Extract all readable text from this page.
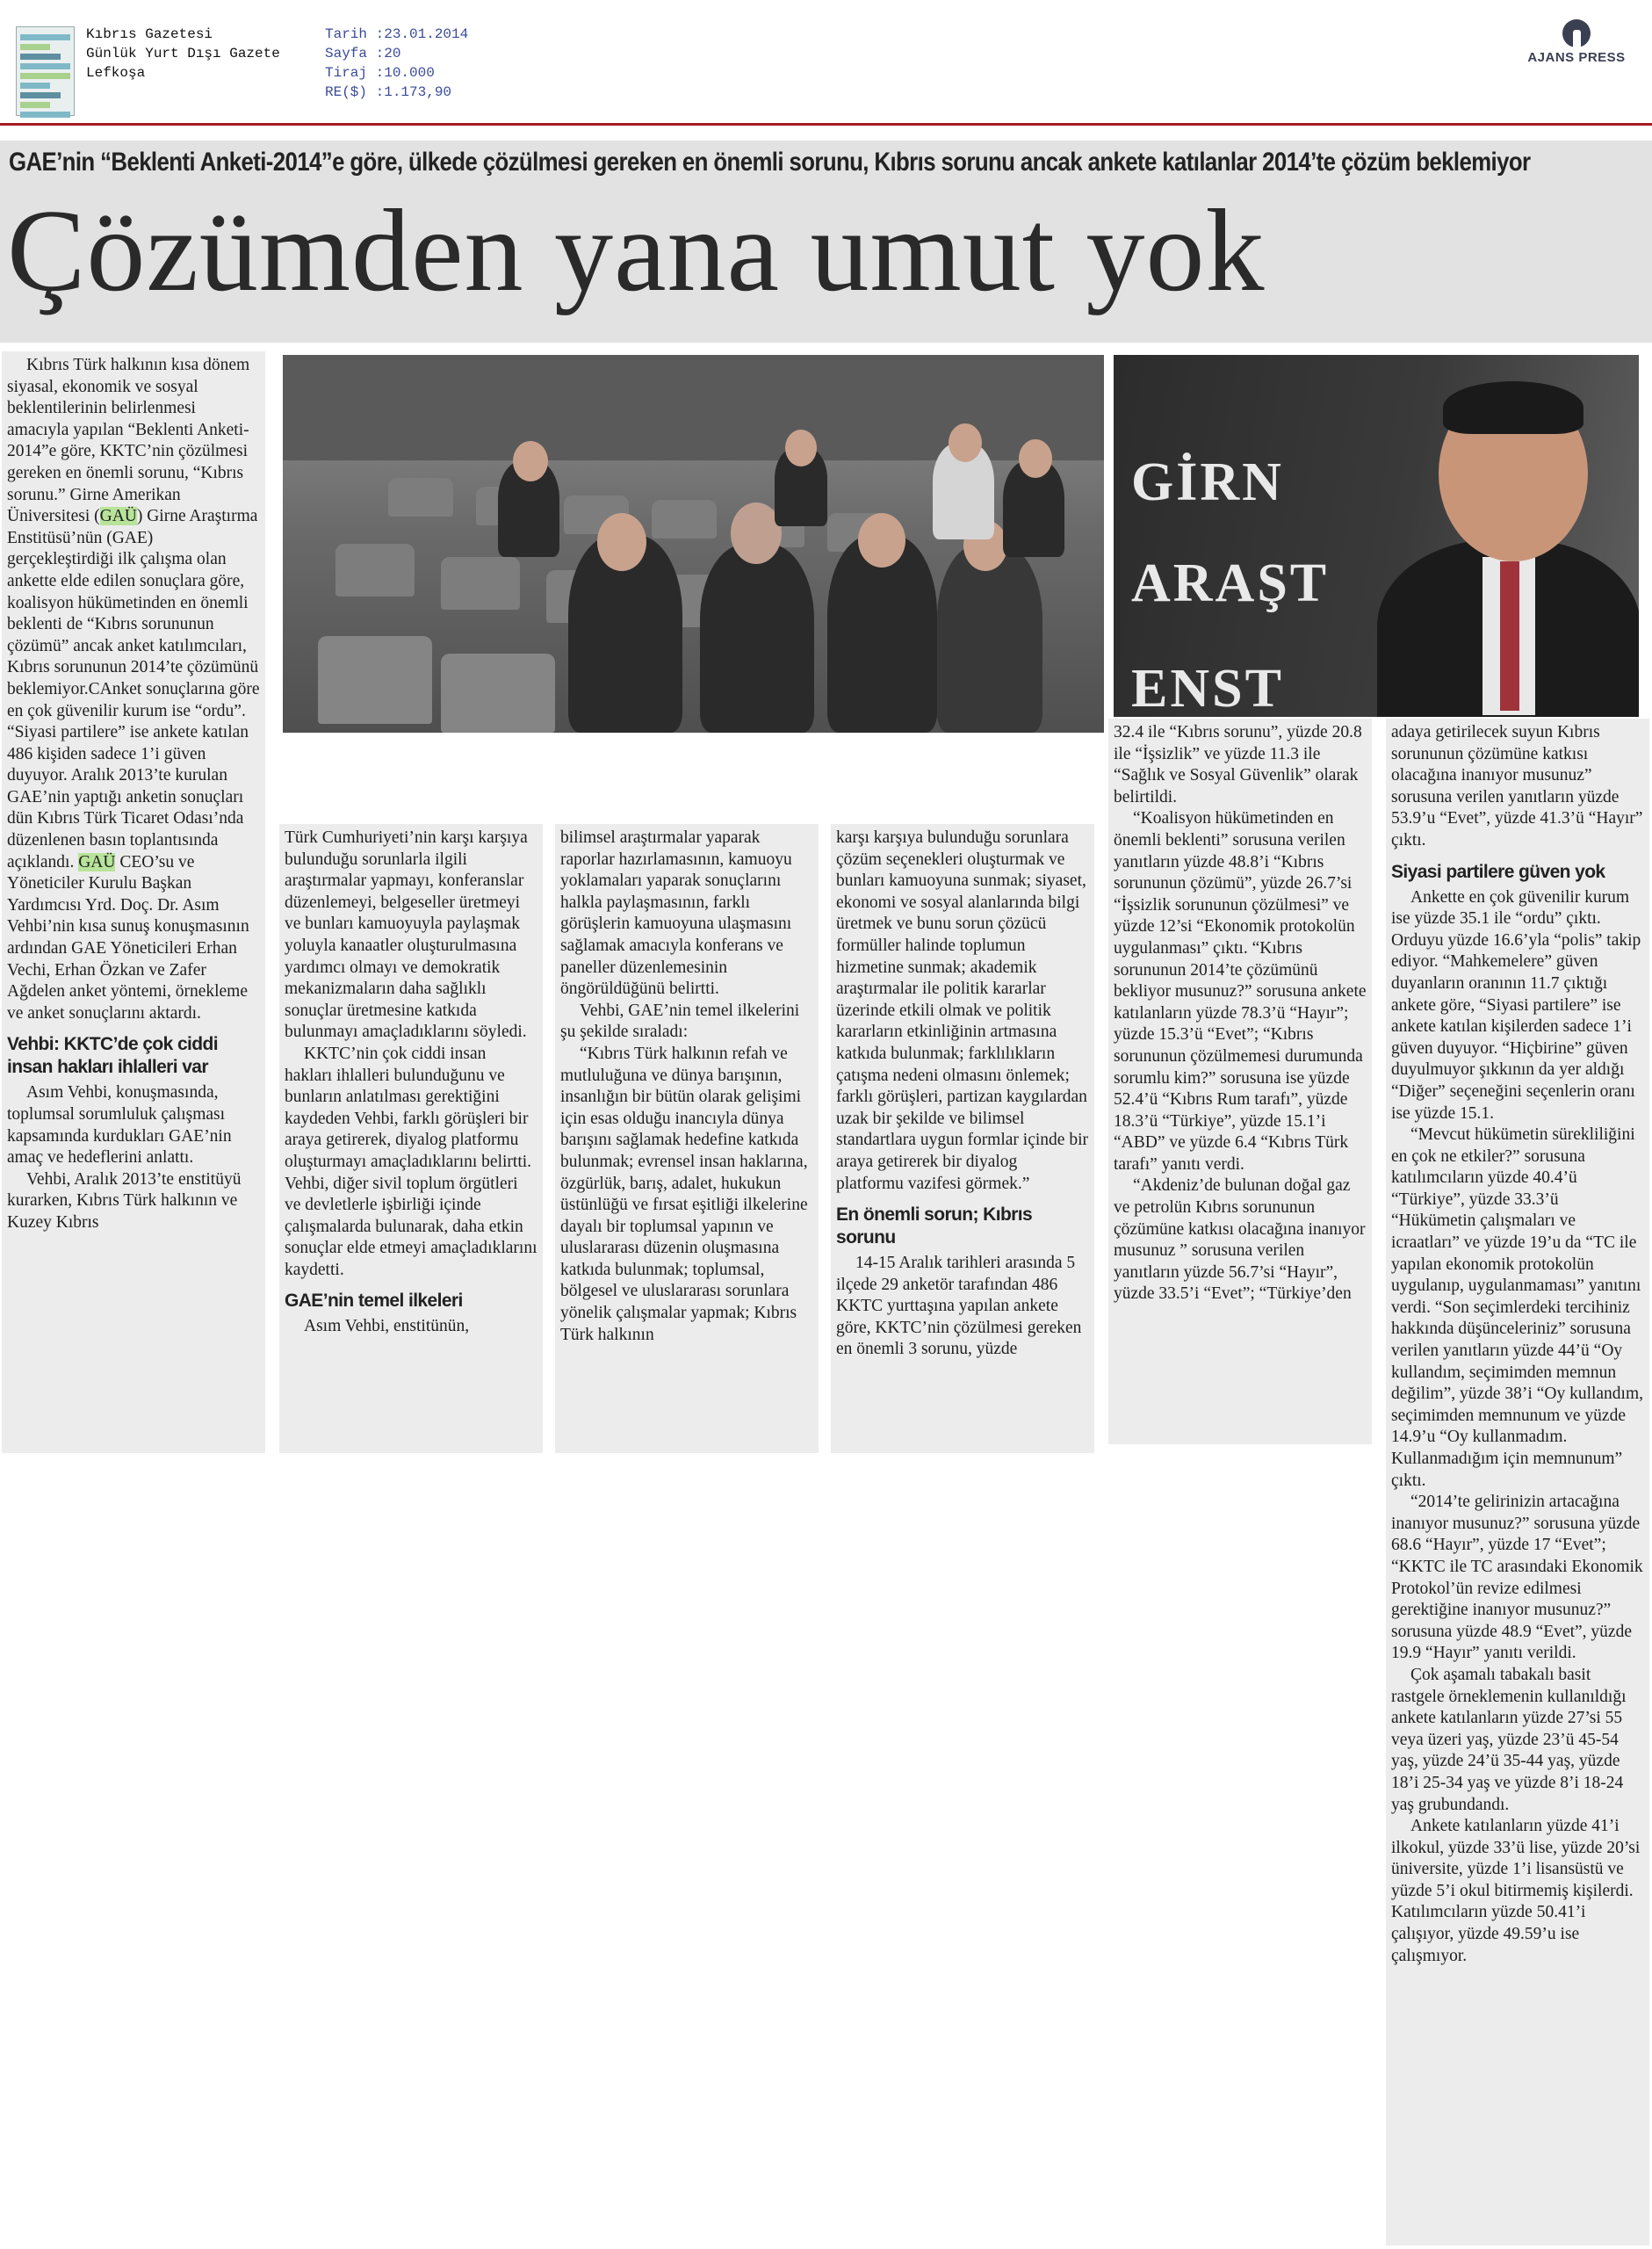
Kıbrıs Gazetesi
Günlük Yurt Dışı Gazete
Lefkoşa
Tarih :23.01.2014
Sayfa :20
Tiraj :10.000
RE($) :1.173,90
AJANS PRESS
GAE’nin “Beklenti Anketi-2014”e göre, ülkede çözülmesi gereken en önemli sorunu, Kıbrıs sorunu ancak ankete katılanlar 2014’te çözüm beklemiyor
Çözümden yana umut yok
GİRN
ARAŞT
ENST

Kıbrıs Türk halkının kısa dönem siyasal, ekonomik ve sosyal beklentilerinin belirlenmesi amacıyla yapılan “Beklenti Anketi-2014”e göre, KKTC’nin çözülmesi gereken en önemli sorunu, “Kıbrıs sorunu.” Girne Amerikan Üniversitesi (GAÜ) Girne Araştırma Enstitüsü’nün (GAE) gerçekleştirdiği ilk çalışma olan ankette elde edilen sonuçlara göre, koalisyon hükümetinden en önemli beklenti de “Kıbrıs sorununun çözümü” ancak anket katılımcıları, Kıbrıs sorununun 2014’te çözümünü beklemiyor.CAnket sonuçlarına göre en çok güvenilir kurum ise “ordu”. “Siyasi partilere” ise ankete katılan 486 kişiden sadece 1’i güven duyuyor. Aralık 2013’te kurulan GAE’nin yaptığı anketin sonuçları dün Kıbrıs Türk Ticaret Odası’nda düzenlenen basın toplantısında açıklandı. GAÜ CEO’su ve Yöneticiler Kurulu Başkan Yardımcısı Yrd. Doç. Dr. Asım Vehbi’nin kısa sunuş konuşmasının ardından GAE Yöneticileri Erhan Vechi, Erhan Özkan ve Zafer Ağdelen anket yöntemi, örnekleme ve anket sonuçlarını aktardı.

Vehbi: KKTC’de çok ciddi insan hakları ihlalleri var

Asım Vehbi, konuşmasında, toplumsal sorumluluk çalışması kapsamında kurdukları GAE’nin amaç ve hedeflerini anlattı.

Vehbi, Aralık 2013’te enstitüyü kurarken, Kıbrıs Türk halkının ve Kuzey Kıbrıs

Türk Cumhuriyeti’nin karşı karşıya bulunduğu sorunlarla ilgili araştırmalar yapmayı, konferanslar düzenlemeyi, belgeseller üretmeyi ve bunları kamuoyuyla paylaşmak yoluyla kanaatler oluşturulmasına yardımcı olmayı ve demokratik mekanizmaların daha sağlıklı sonuçlar üretmesine katkıda bulunmayı amaçladıklarını söyledi.

KKTC’nin çok ciddi insan hakları ihlalleri bulunduğunu ve bunların anlatılması gerektiğini kaydeden Vehbi, farklı görüşleri bir araya getirerek, diyalog platformu oluşturmayı amaçladıklarını belirtti. Vehbi, diğer sivil toplum örgütleri ve devletlerle işbirliği içinde çalışmalarda bulunarak, daha etkin sonuçlar elde etmeyi amaçladıklarını kaydetti.

GAE’nin temel ilkeleri

Asım Vehbi, enstitünün,

bilimsel araştırmalar yaparak raporlar hazırlamasının, kamuoyu yoklamaları yaparak sonuçlarını halkla paylaşmasının, farklı görüşlerin kamuoyuna ulaşmasını sağlamak amacıyla konferans ve paneller düzenlemesinin öngörüldüğünü belirtti.

Vehbi, GAE’nin temel ilkelerini şu şekilde sıraladı:

“Kıbrıs Türk halkının refah ve mutluluğuna ve dünya barışının, insanlığın bir bütün olarak gelişimi için esas olduğu inancıyla dünya barışını sağlamak hedefine katkıda bulunmak; evrensel insan haklarına, özgürlük, barış, adalet, hukukun üstünlüğü ve fırsat eşitliği ilkelerine dayalı bir toplumsal yapının ve uluslararası düzenin oluşmasına katkıda bulunmak; toplumsal, bölgesel ve uluslararası sorunlara yönelik çalışmalar yapmak; Kıbrıs Türk halkının

karşı karşıya bulunduğu sorunlara çözüm seçenekleri oluşturmak ve bunları kamuoyuna sunmak; siyaset, ekonomi ve sosyal alanlarında bilgi üretmek ve bunu sorun çözücü formüller halinde toplumun hizmetine sunmak; akademik araştırmalar ile politik kararlar üzerinde etkili olmak ve politik kararların etkinliğinin artmasına katkıda bulunmak; farklılıkların çatışma nedeni olmasını önlemek; farklı görüşleri, partizan kaygılardan uzak bir şekilde ve bilimsel standartlara uygun formlar içinde bir araya getirerek bir diyalog platformu vazifesi görmek.”

En önemli sorun; Kıbrıs sorunu

14-15 Aralık tarihleri arasında 5 ilçede 29 anketör tarafından 486 KKTC yurttaşına yapılan ankete göre, KKTC’nin çözülmesi gereken en önemli 3 sorunu, yüzde

32.4 ile “Kıbrıs sorunu”, yüzde 20.8 ile “İşsizlik” ve yüzde 11.3 ile “Sağlık ve Sosyal Güvenlik” olarak belirtildi.

“Koalisyon hükümetinden en önemli beklenti” sorusuna verilen yanıtların yüzde 48.8’i “Kıbrıs sorununun çözümü”, yüzde 26.7’si “İşsizlik sorununun çözülmesi” ve yüzde 12’si “Ekonomik protokolün uygulanması” çıktı. “Kıbrıs sorununun 2014’te çözümünü bekliyor musunuz?” sorusuna ankete katılanların yüzde 78.3’ü “Hayır”; yüzde 15.3’ü “Evet”; “Kıbrıs sorununun çözülmemesi durumunda sorumlu kim?” sorusuna ise yüzde 52.4’ü “Kıbrıs Rum tarafı”, yüzde 18.3’ü “Türkiye”, yüzde 15.1’i “ABD” ve yüzde 6.4 “Kıbrıs Türk tarafı” yanıtı verdi.

“Akdeniz’de bulunan doğal gaz ve petrolün Kıbrıs sorununun çözümüne katkısı olacağına inanıyor musunuz ” sorusuna verilen yanıtların yüzde 56.7’si “Hayır”, yüzde 33.5’i “Evet”; “Türkiye’den

adaya getirilecek suyun Kıbrıs sorununun çözümüne katkısı olacağına inanıyor musunuz” sorusuna verilen yanıtların yüzde 53.9’u “Evet”, yüzde 41.3’ü “Hayır” çıktı.

Siyasi partilere güven yok

Ankette en çok güvenilir kurum ise yüzde 35.1 ile “ordu” çıktı. Orduyu yüzde 16.6’yla “polis” takip ediyor. “Mahkemelere” güven duyanların oranının 11.7 çıktığı ankete göre, “Siyasi partilere” ise ankete katılan kişilerden sadece 1’i güven duyuyor. “Hiçbirine” güven duyulmuyor şıkkının da yer aldığı “Diğer” seçeneğini seçenlerin oranı ise yüzde 15.1.

“Mevcut hükümetin sürekliliğini en çok ne etkiler?” sorusuna katılımcıların yüzde 40.4’ü “Türkiye”, yüzde 33.3’ü “Hükümetin çalışmaları ve icraatları” ve yüzde 19’u da “TC ile yapılan ekonomik protokolün uygulanıp, uygulanmaması” yanıtını verdi. “Son seçimlerdeki tercihiniz hakkında düşünceleriniz” sorusuna verilen yanıtların yüzde 44’ü “Oy kullandım, seçimimden memnun değilim”, yüzde 38’i “Oy kullandım, seçimimden memnunum ve yüzde 14.9’u “Oy kullanmadım. Kullanmadığım için memnunum” çıktı.

“2014’te gelirinizin artacağına inanıyor musunuz?” sorusuna yüzde 68.6 “Hayır”, yüzde 17 “Evet”; “KKTC ile TC arasındaki Ekonomik Protokol’ün revize edilmesi gerektiğine inanıyor musunuz?” sorusuna yüzde 48.9 “Evet”, yüzde 19.9 “Hayır” yanıtı verildi.

Çok aşamalı tabakalı basit rastgele örneklemenin kullanıldığı ankete katılanların yüzde 27’si 55 veya üzeri yaş, yüzde 23’ü 45-54 yaş, yüzde 24’ü 35-44 yaş, yüzde 18’i 25-34 yaş ve yüzde 8’i 18-24 yaş grubundandı.

Ankete katılanların yüzde 41’i ilkokul, yüzde 33’ü lise, yüzde 20’si üniversite, yüzde 1’i lisansüstü ve yüzde 5’i okul bitirmemiş kişilerdi. Katılımcıların yüzde 50.41’i çalışıyor, yüzde 49.59’u ise çalışmıyor.
